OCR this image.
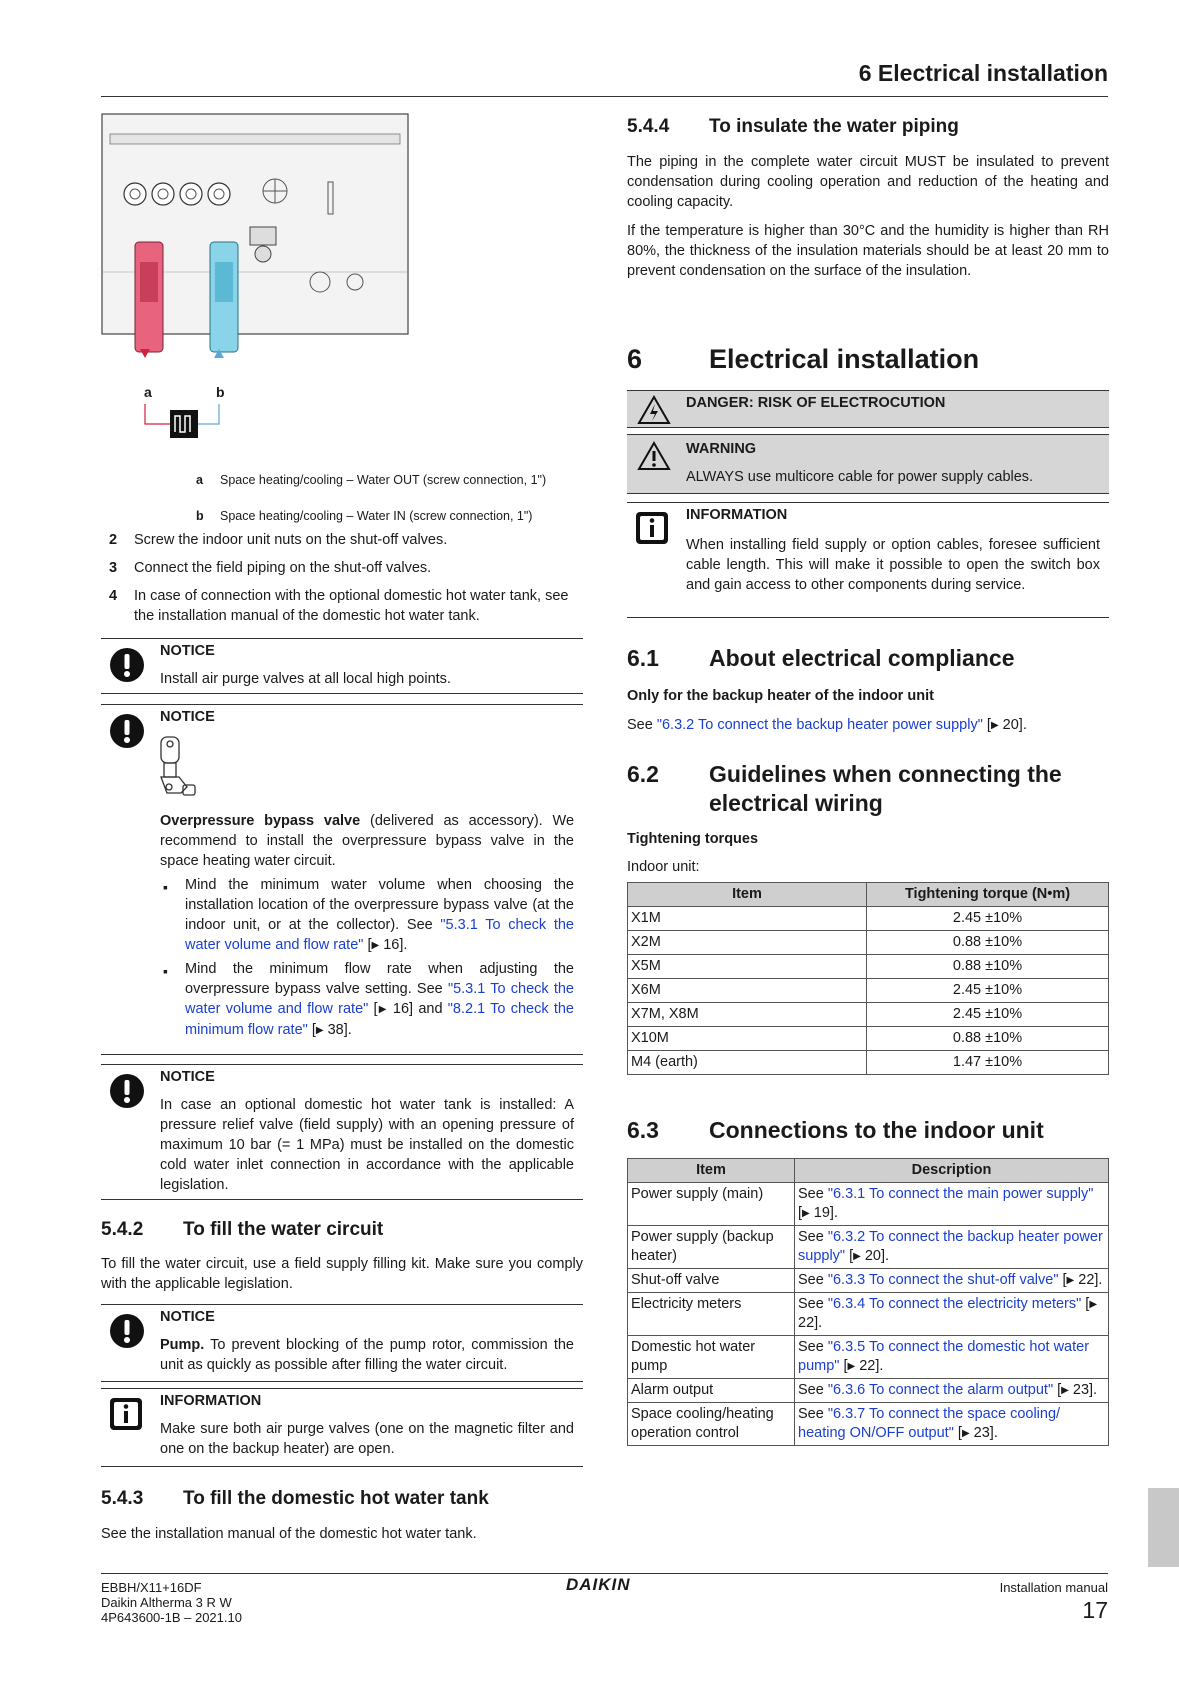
6 Electrical installation
a	b
a Space heating/cooling – Water OUT (screw connection, 1")
b Space heating/cooling – Water IN (screw connection, 1")
2 Screw the indoor unit nuts on the shut-off valves.
3 Connect the field piping on the shut-off valves.
4 In case of connection with the optional domestic hot water tank, see the installation manual of the domestic hot water tank.
NOTICE
Install air purge valves at all local high points.
NOTICE
Overpressure bypass valve (delivered as accessory). We recommend to install the overpressure bypass valve in the space heating water circuit.
▪ Mind the minimum water volume when choosing the installation location of the overpressure bypass valve (at the indoor unit, or at the collector). See "5.3.1 To check the water volume and flow rate" [▶ 16].
▪ Mind the minimum flow rate when adjusting the overpressure bypass valve setting. See "5.3.1 To check the water volume and flow rate" [▶ 16] and "8.2.1 To check the minimum flow rate" [▶ 38].
NOTICE
In case an optional domestic hot water tank is installed: A pressure relief valve (field supply) with an opening pressure of maximum 10 bar (= 1 MPa) must be installed on the domestic cold water inlet connection in accordance with the applicable legislation.
5.4.2 To fill the water circuit
To fill the water circuit, use a field supply filling kit. Make sure you comply with the applicable legislation.
NOTICE
Pump. To prevent blocking of the pump rotor, commission the unit as quickly as possible after filling the water circuit.
INFORMATION
Make sure both air purge valves (one on the magnetic filter and one on the backup heater) are open.
5.4.3 To fill the domestic hot water tank
See the installation manual of the domestic hot water tank.
5.4.4 To insulate the water piping
The piping in the complete water circuit MUST be insulated to prevent condensation during cooling operation and reduction of the heating and cooling capacity.
If the temperature is higher than 30°C and the humidity is higher than RH 80%, the thickness of the insulation materials should be at least 20 mm to prevent condensation on the surface of the insulation.
6 Electrical installation
DANGER: RISK OF ELECTROCUTION
WARNING
ALWAYS use multicore cable for power supply cables.
INFORMATION
When installing field supply or option cables, foresee sufficient cable length. This will make it possible to open the switch box and gain access to other components during service.
6.1 About electrical compliance
Only for the backup heater of the indoor unit
See "6.3.2 To connect the backup heater power supply" [▶ 20].
6.2 Guidelines when connecting the
electrical wiring
Tightening torques
Indoor unit:
Item	Tightening torque (N•m)
X1M	2.45 ±10%
X2M	0.88 ±10%
X5M	0.88 ±10%
X6M	2.45 ±10%
X7M, X8M	2.45 ±10%
X10M	0.88 ±10%
M4 (earth)	1.47 ±10%
6.3 Connections to the indoor unit
Item	Description
Power supply (main)	See "6.3.1 To connect the main power supply" [▶ 19].
Power supply (backup heater)	See "6.3.2 To connect the backup heater power supply" [▶ 20].
Shut-off valve	See "6.3.3 To connect the shut-off valve" [▶ 22].
Electricity meters	See "6.3.4 To connect the electricity meters" [▶ 22].
Domestic hot water pump	See "6.3.5 To connect the domestic hot water pump" [▶ 22].
Alarm output	See "6.3.6 To connect the alarm output" [▶ 23].
Space cooling/heating operation control	See "6.3.7 To connect the space cooling/ heating ON/OFF output" [▶ 23].
EBBH/X11+16DF
Daikin Altherma 3 R W
4P643600-1B – 2021.10
DAIKIN	Installation manual
17
